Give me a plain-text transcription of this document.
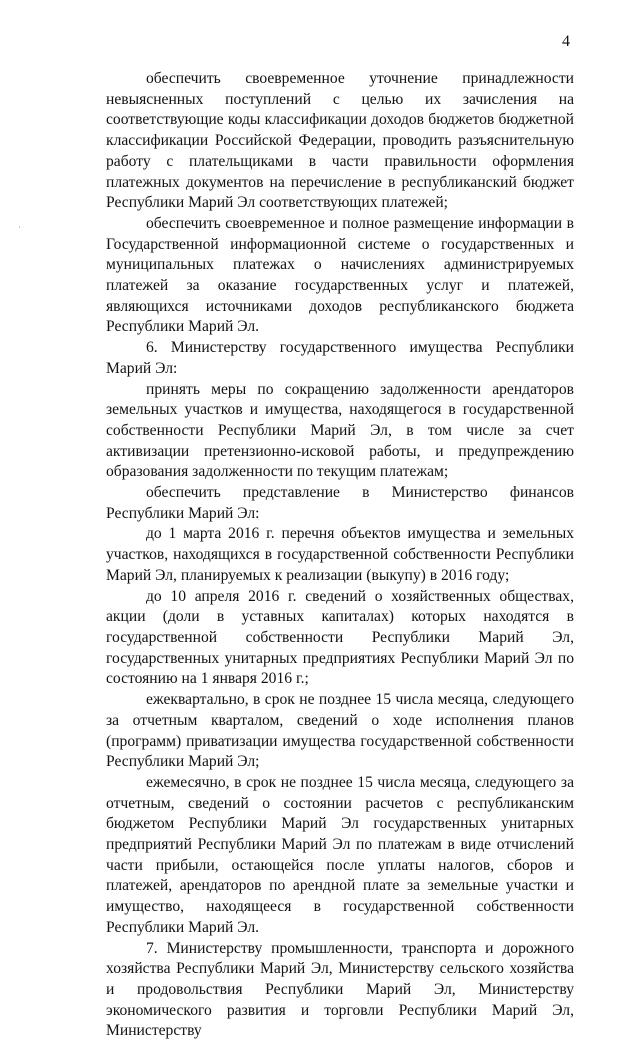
4
·

обеспечить своевременное уточнение принадлежности невыясненных поступлений с целью их зачисления на соответствующие коды классификации доходов бюджетов бюджетной классификации Российской Федерации, проводить разъяснительную работу с плательщиками в части правильности оформления платежных документов на перечисление в республиканский бюджет Республики Марий Эл соответствующих платежей;

обеспечить своевременное и полное размещение информации в Государственной информационной системе о государственных и муниципальных платежах о начислениях администрируемых платежей за оказание государственных услуг и платежей, являющихся источниками доходов республиканского бюджета Республики Марий Эл.

6. Министерству государственного имущества Республики Марий Эл:

принять меры по сокращению задолженности арендаторов земельных участков и имущества, находящегося в государственной собственности Республики Марий Эл, в том числе за счет активизации претензионно-исковой работы, и предупреждению образования задолженности по текущим платежам;

обеспечить представление в Министерство финансов Республики Марий Эл:

до 1 марта 2016 г. перечня объектов имущества и земельных участков, находящихся в государственной собственности Республики Марий Эл, планируемых к реализации (выкупу) в 2016 году;

до 10 апреля 2016 г. сведений о хозяйственных обществах, акции (доли в уставных капиталах) которых находятся в государственной собственности Республики Марий Эл, государственных унитарных предприятиях Республики Марий Эл по состоянию на 1 января 2016 г.;

ежеквартально, в срок не позднее 15 числа месяца, следующего за отчетным кварталом, сведений о ходе исполнения планов (программ) приватизации имущества государственной собственности Республики Марий Эл;

ежемесячно, в срок не позднее 15 числа месяца, следующего за отчетным, сведений о состоянии расчетов с республиканским бюджетом Республики Марий Эл государственных унитарных предприятий Республики Марий Эл по платежам в виде отчислений части прибыли, остающейся после уплаты налогов, сборов и платежей, арендаторов по арендной плате за земельные участки и имущество, находящееся в государственной собственности Республики Марий Эл.

7. Министерству промышленности, транспорта и дорожного хозяйства Республики Марий Эл, Министерству сельского хозяйства и продовольствия Республики Марий Эл, Министерству экономического развития и торговли Республики Марий Эл, Министерству
